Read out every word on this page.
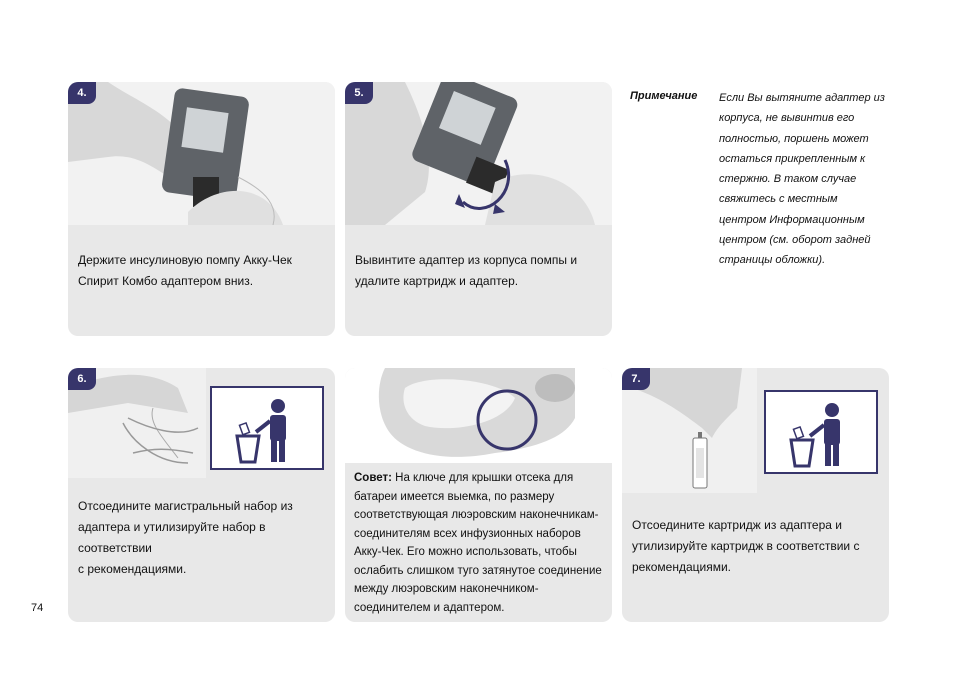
4.
Держите инсулиновую помпу Акку-Чек
Спирит Комбо адаптером вниз.
5.
Вывинтите адаптер из корпуса помпы и
удалите картридж и адаптер.
Примечание Если Вы вытяните адаптер из
корпуса, не вывинтив его
полностью, поршень может
остаться прикрепленным к
стержню. В таком случае
свяжитесь с местным
центром Информационным
центром (см. оборот задней
страницы обложки).
6.
Отсоедините магистральный набор из
адаптера и утилизируйте набор в соответствии
с рекомендациями.
Совет: На ключе для крышки отсека для
батареи имеется выемка, по размеру
соответствующая люэровским наконечникам-
соединителям всех инфузионных наборов
Акку-Чек. Его можно использовать, чтобы
ослабить слишком туго затянутое соединение
между люэровским наконечником-
соединителем и адаптером.
7.
Отсоедините картридж из адаптера и
утилизируйте картридж в соответствии с
рекомендациями.
74
